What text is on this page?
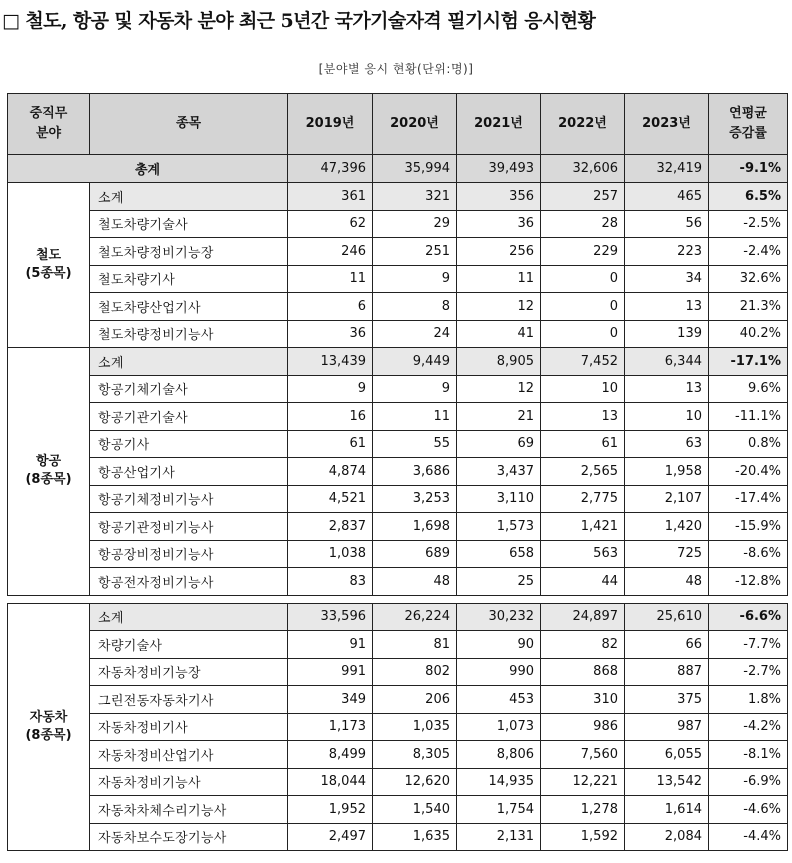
□ 철도, 항공 및 자동차 분야 최근 5년간 국가기술자격 필기시험 응시현황
[분야별 응시 현황(단위:명)]
중직무
분야	종목	2019년	2020년	2021년	2022년	2023년	연평균
증감률
총계		47,396	35,994	39,493	32,606	32,419	-9.1%
철도
(5종목)	소계	361	321	356	257	465	6.5%
	철도차량기술사	62	29	36	28	56	-2.5%
	철도차량정비기능장	246	251	256	229	223	-2.4%
	철도차량기사	11	9	11	0	34	32.6%
	철도차량산업기사	6	8	12	0	13	21.3%
	철도차량정비기능사	36	24	41	0	139	40.2%
항공
(8종목)	소계	13,439	9,449	8,905	7,452	6,344	-17.1%
	항공기체기술사	9	9	12	10	13	9.6%
	항공기관기술사	16	11	21	13	10	-11.1%
	항공기사	61	55	69	61	63	0.8%
	항공산업기사	4,874	3,686	3,437	2,565	1,958	-20.4%
	항공기체정비기능사	4,521	3,253	3,110	2,775	2,107	-17.4%
	항공기관정비기능사	2,837	1,698	1,573	1,421	1,420	-15.9%
	항공장비정비기능사	1,038	689	658	563	725	-8.6%
	항공전자정비기능사	83	48	25	44	48	-12.8%

자동차
(8종목)	소계	33,596	26,224	30,232	24,897	25,610	-6.6%
	차량기술사	91	81	90	82	66	-7.7%
	자동차정비기능장	991	802	990	868	887	-2.7%
	그린전동자동차기사	349	206	453	310	375	1.8%
	자동차정비기사	1,173	1,035	1,073	986	987	-4.2%
	자동차정비산업기사	8,499	8,305	8,806	7,560	6,055	-8.1%
	자동차정비기능사	18,044	12,620	14,935	12,221	13,542	-6.9%
	자동차차체수리기능사	1,952	1,540	1,754	1,278	1,614	-4.6%
	자동차보수도장기능사	2,497	1,635	2,131	1,592	2,084	-4.4%
